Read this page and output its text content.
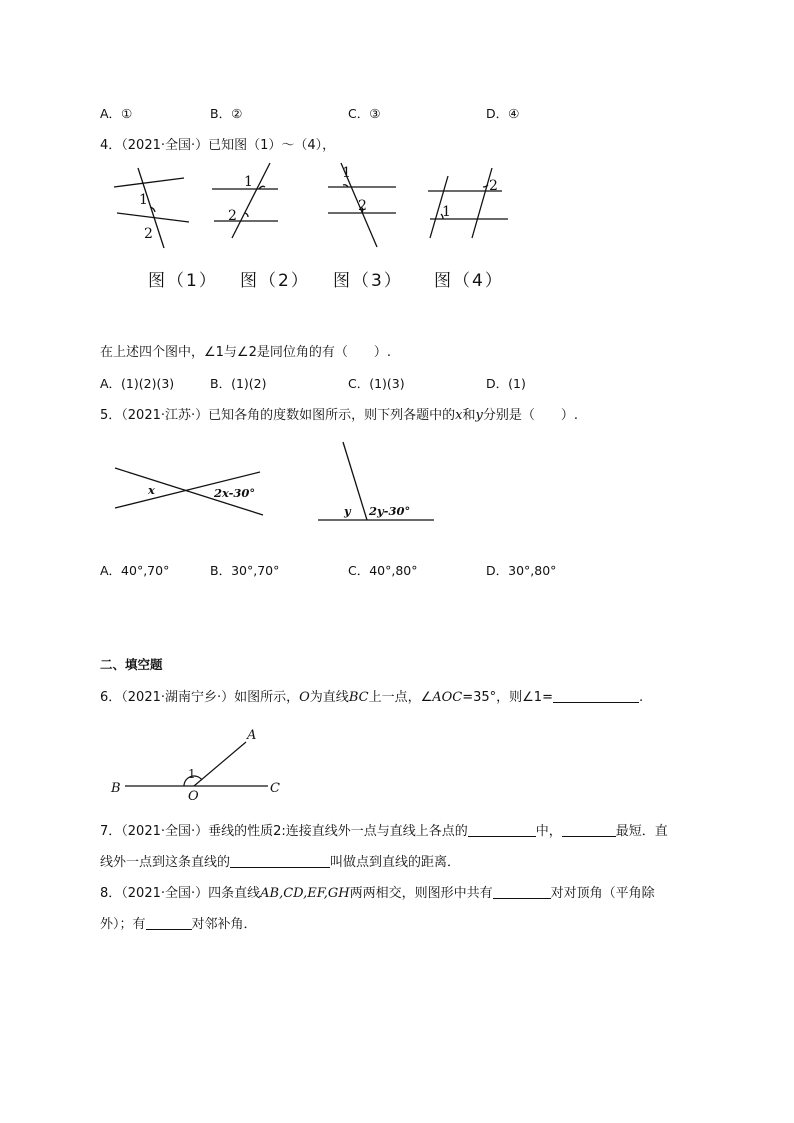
A．①	B．②	C．③	D．④
4．（2021·全国·）已知图（1）～（4），
1
2
1
2
1
2
2
1
图（1） 图（2） 图（3） 图（4）
在上述四个图中，∠1与∠2是同位角的有（　　）.
A．(1)(2)(3)	B．(1)(2)	C．(1)(3)	D．(1)
5．（2021·江苏·）已知各角的度数如图所示，则下列各题中的x和y分别是（　　）.
x	2x-30°
y 2y-30°
A．40°,70°	B．30°,70°	C．40°,80°	D．30°,80°
二、填空题
6．（2021·湖南宁乡·）如图所示，O为直线BC上一点，∠AOC=35°，则∠1=	.
A
B	C
O
1
7．（2021·全国·）垂线的性质2:连接直线外一点与直线上各点的	中，	最短．直
线外一点到这条直线的	叫做点到直线的距离．
8．（2021·全国·）四条直线AB,CD,EF,GH两两相交，则图形中共有	对对顶角（平角除
外）；有	对邻补角．
